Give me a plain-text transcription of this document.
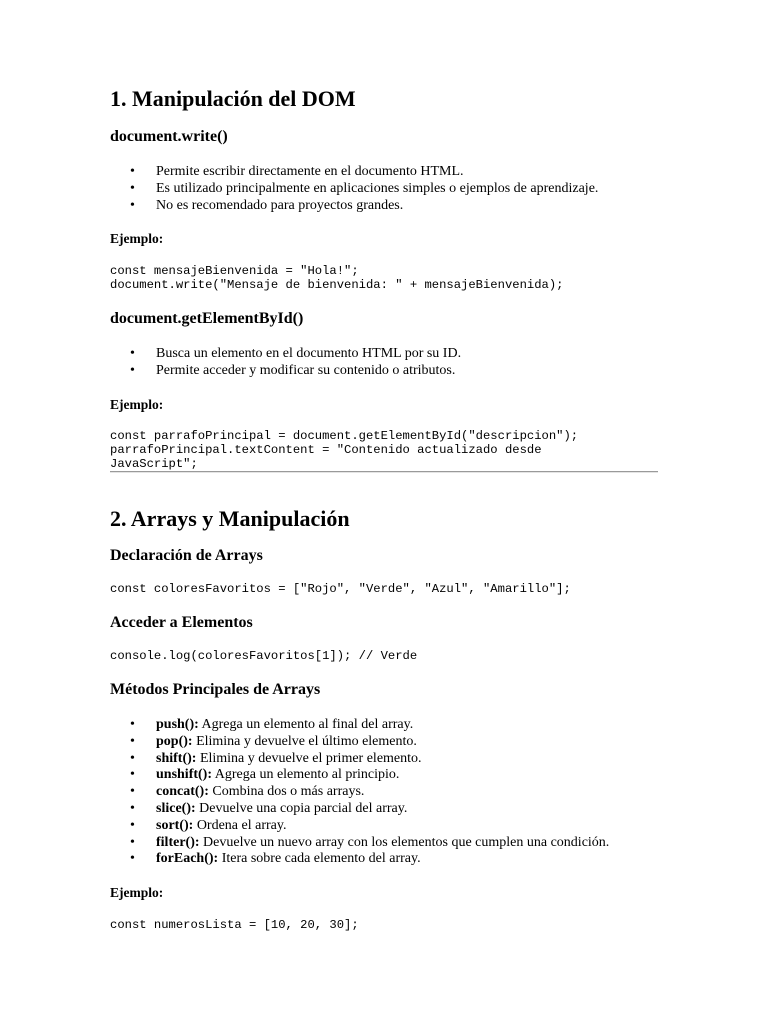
1. Manipulación del DOM
document.write()
• Permite escribir directamente en el documento HTML.
• Es utilizado principalmente en aplicaciones simples o ejemplos de aprendizaje.
• No es recomendado para proyectos grandes.
Ejemplo:
const mensajeBienvenida = "Hola!";
document.write("Mensaje de bienvenida: " + mensajeBienvenida);
document.getElementById()
• Busca un elemento en el documento HTML por su ID.
• Permite acceder y modificar su contenido o atributos.
Ejemplo:
const parrafoPrincipal = document.getElementById("descripcion");
parrafoPrincipal.textContent = "Contenido actualizado desde
JavaScript";
2. Arrays y Manipulación
Declaración de Arrays
const coloresFavoritos = ["Rojo", "Verde", "Azul", "Amarillo"];
Acceder a Elementos
console.log(coloresFavoritos[1]); // Verde
Métodos Principales de Arrays
• push(): Agrega un elemento al final del array.
• pop(): Elimina y devuelve el último elemento.
• shift(): Elimina y devuelve el primer elemento.
• unshift(): Agrega un elemento al principio.
• concat(): Combina dos o más arrays.
• slice(): Devuelve una copia parcial del array.
• sort(): Ordena el array.
• filter(): Devuelve un nuevo array con los elementos que cumplen una condición.
• forEach(): Itera sobre cada elemento del array.
Ejemplo:
const numerosLista = [10, 20, 30];
